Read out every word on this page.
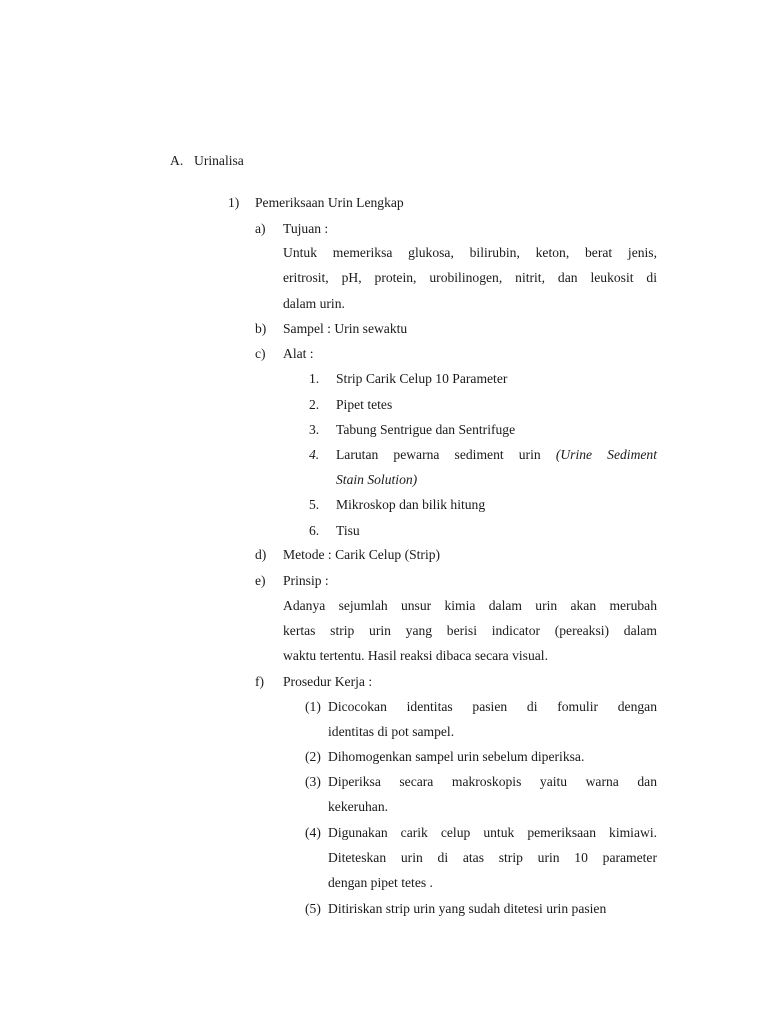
A. Urinalisa
1) Pemeriksaan Urin Lengkap
a) Tujuan :
Untuk memeriksa glukosa, bilirubin, keton, berat jenis,
eritrosit, pH, protein, urobilinogen, nitrit, dan leukosit di
dalam urin.
b) Sampel : Urin sewaktu
c) Alat :
1. Strip Carik Celup 10 Parameter
2. Pipet tetes
3. Tabung Sentrigue dan Sentrifuge
4. Larutan pewarna sediment urin (Urine Sediment
Stain Solution)
5. Mikroskop dan bilik hitung
6. Tisu
d) Metode : Carik Celup (Strip)
e) Prinsip :
Adanya sejumlah unsur kimia dalam urin akan merubah
kertas strip urin yang berisi indicator (pereaksi) dalam
waktu tertentu. Hasil reaksi dibaca secara visual.
f) Prosedur Kerja :
(1) Dicocokan identitas pasien di fomulir dengan
identitas di pot sampel.
(2) Dihomogenkan sampel urin sebelum diperiksa.
(3) Diperiksa secara makroskopis yaitu warna dan
kekeruhan.
(4) Digunakan carik celup untuk pemeriksaan kimiawi.
Diteteskan urin di atas strip urin 10 parameter
dengan pipet tetes .
(5) Ditiriskan strip urin yang sudah ditetesi urin pasien
